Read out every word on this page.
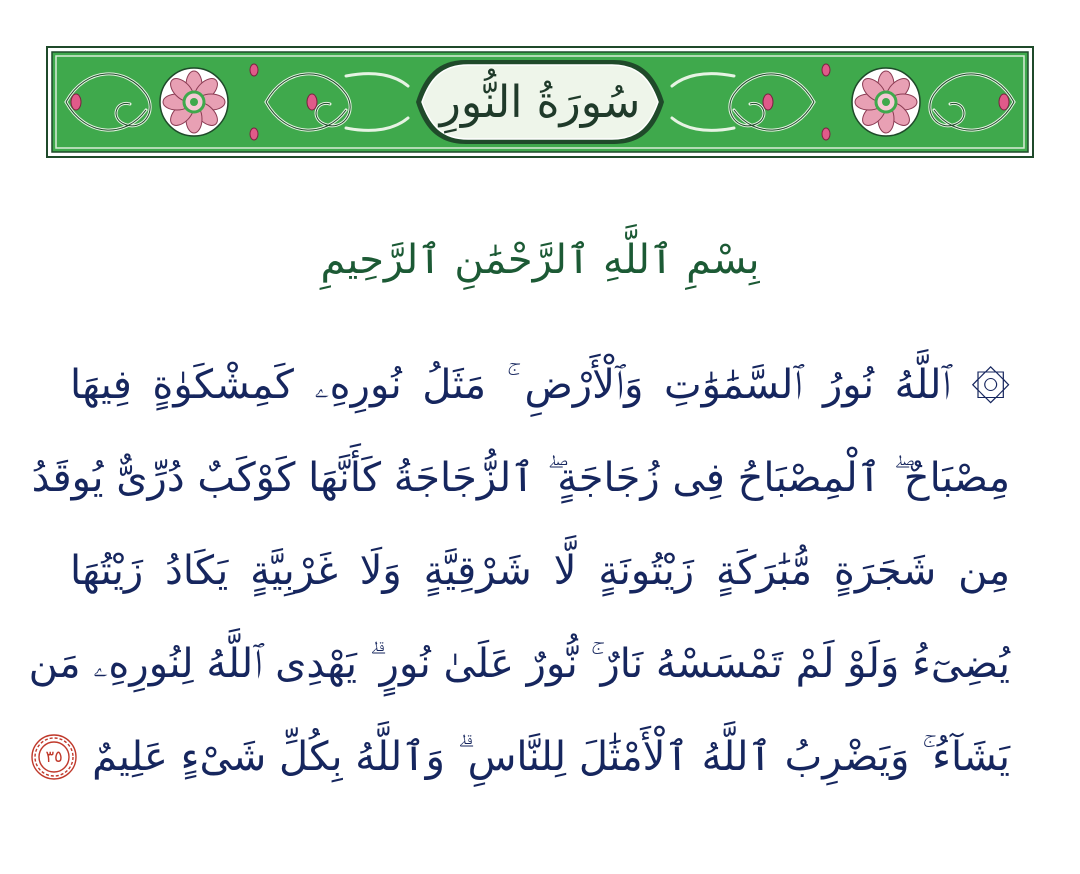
سُورَةُ النُّورِ
بِسْمِ ٱللَّهِ ٱلرَّحْمَٰنِ ٱلرَّحِيمِ
۞ ٱللَّهُ نُورُ ٱلسَّمَٰوَٰتِ وَٱلْأَرْضِ ۚ مَثَلُ نُورِهِۦ كَمِشْكَوٰةٍ فِيهَا
مِصْبَاحٌ ۖ ٱلْمِصْبَاحُ فِى زُجَاجَةٍ ۖ ٱلزُّجَاجَةُ كَأَنَّهَا كَوْكَبٌ دُرِّىٌّ يُوقَدُ
مِن شَجَرَةٍ مُّبَٰرَكَةٍ زَيْتُونَةٍ لَّا شَرْقِيَّةٍ وَلَا غَرْبِيَّةٍ يَكَادُ زَيْتُهَا
يُضِىٓءُ وَلَوْ لَمْ تَمْسَسْهُ نَارٌ ۚ نُّورٌ عَلَىٰ نُورٍ ۗ يَهْدِى ٱللَّهُ لِنُورِهِۦ مَن
يَشَآءُ ۚ وَيَضْرِبُ ٱللَّهُ ٱلْأَمْثَٰلَ لِلنَّاسِ ۗ وَٱللَّهُ بِكُلِّ شَىْءٍ عَلِيمٌ
٣٥
